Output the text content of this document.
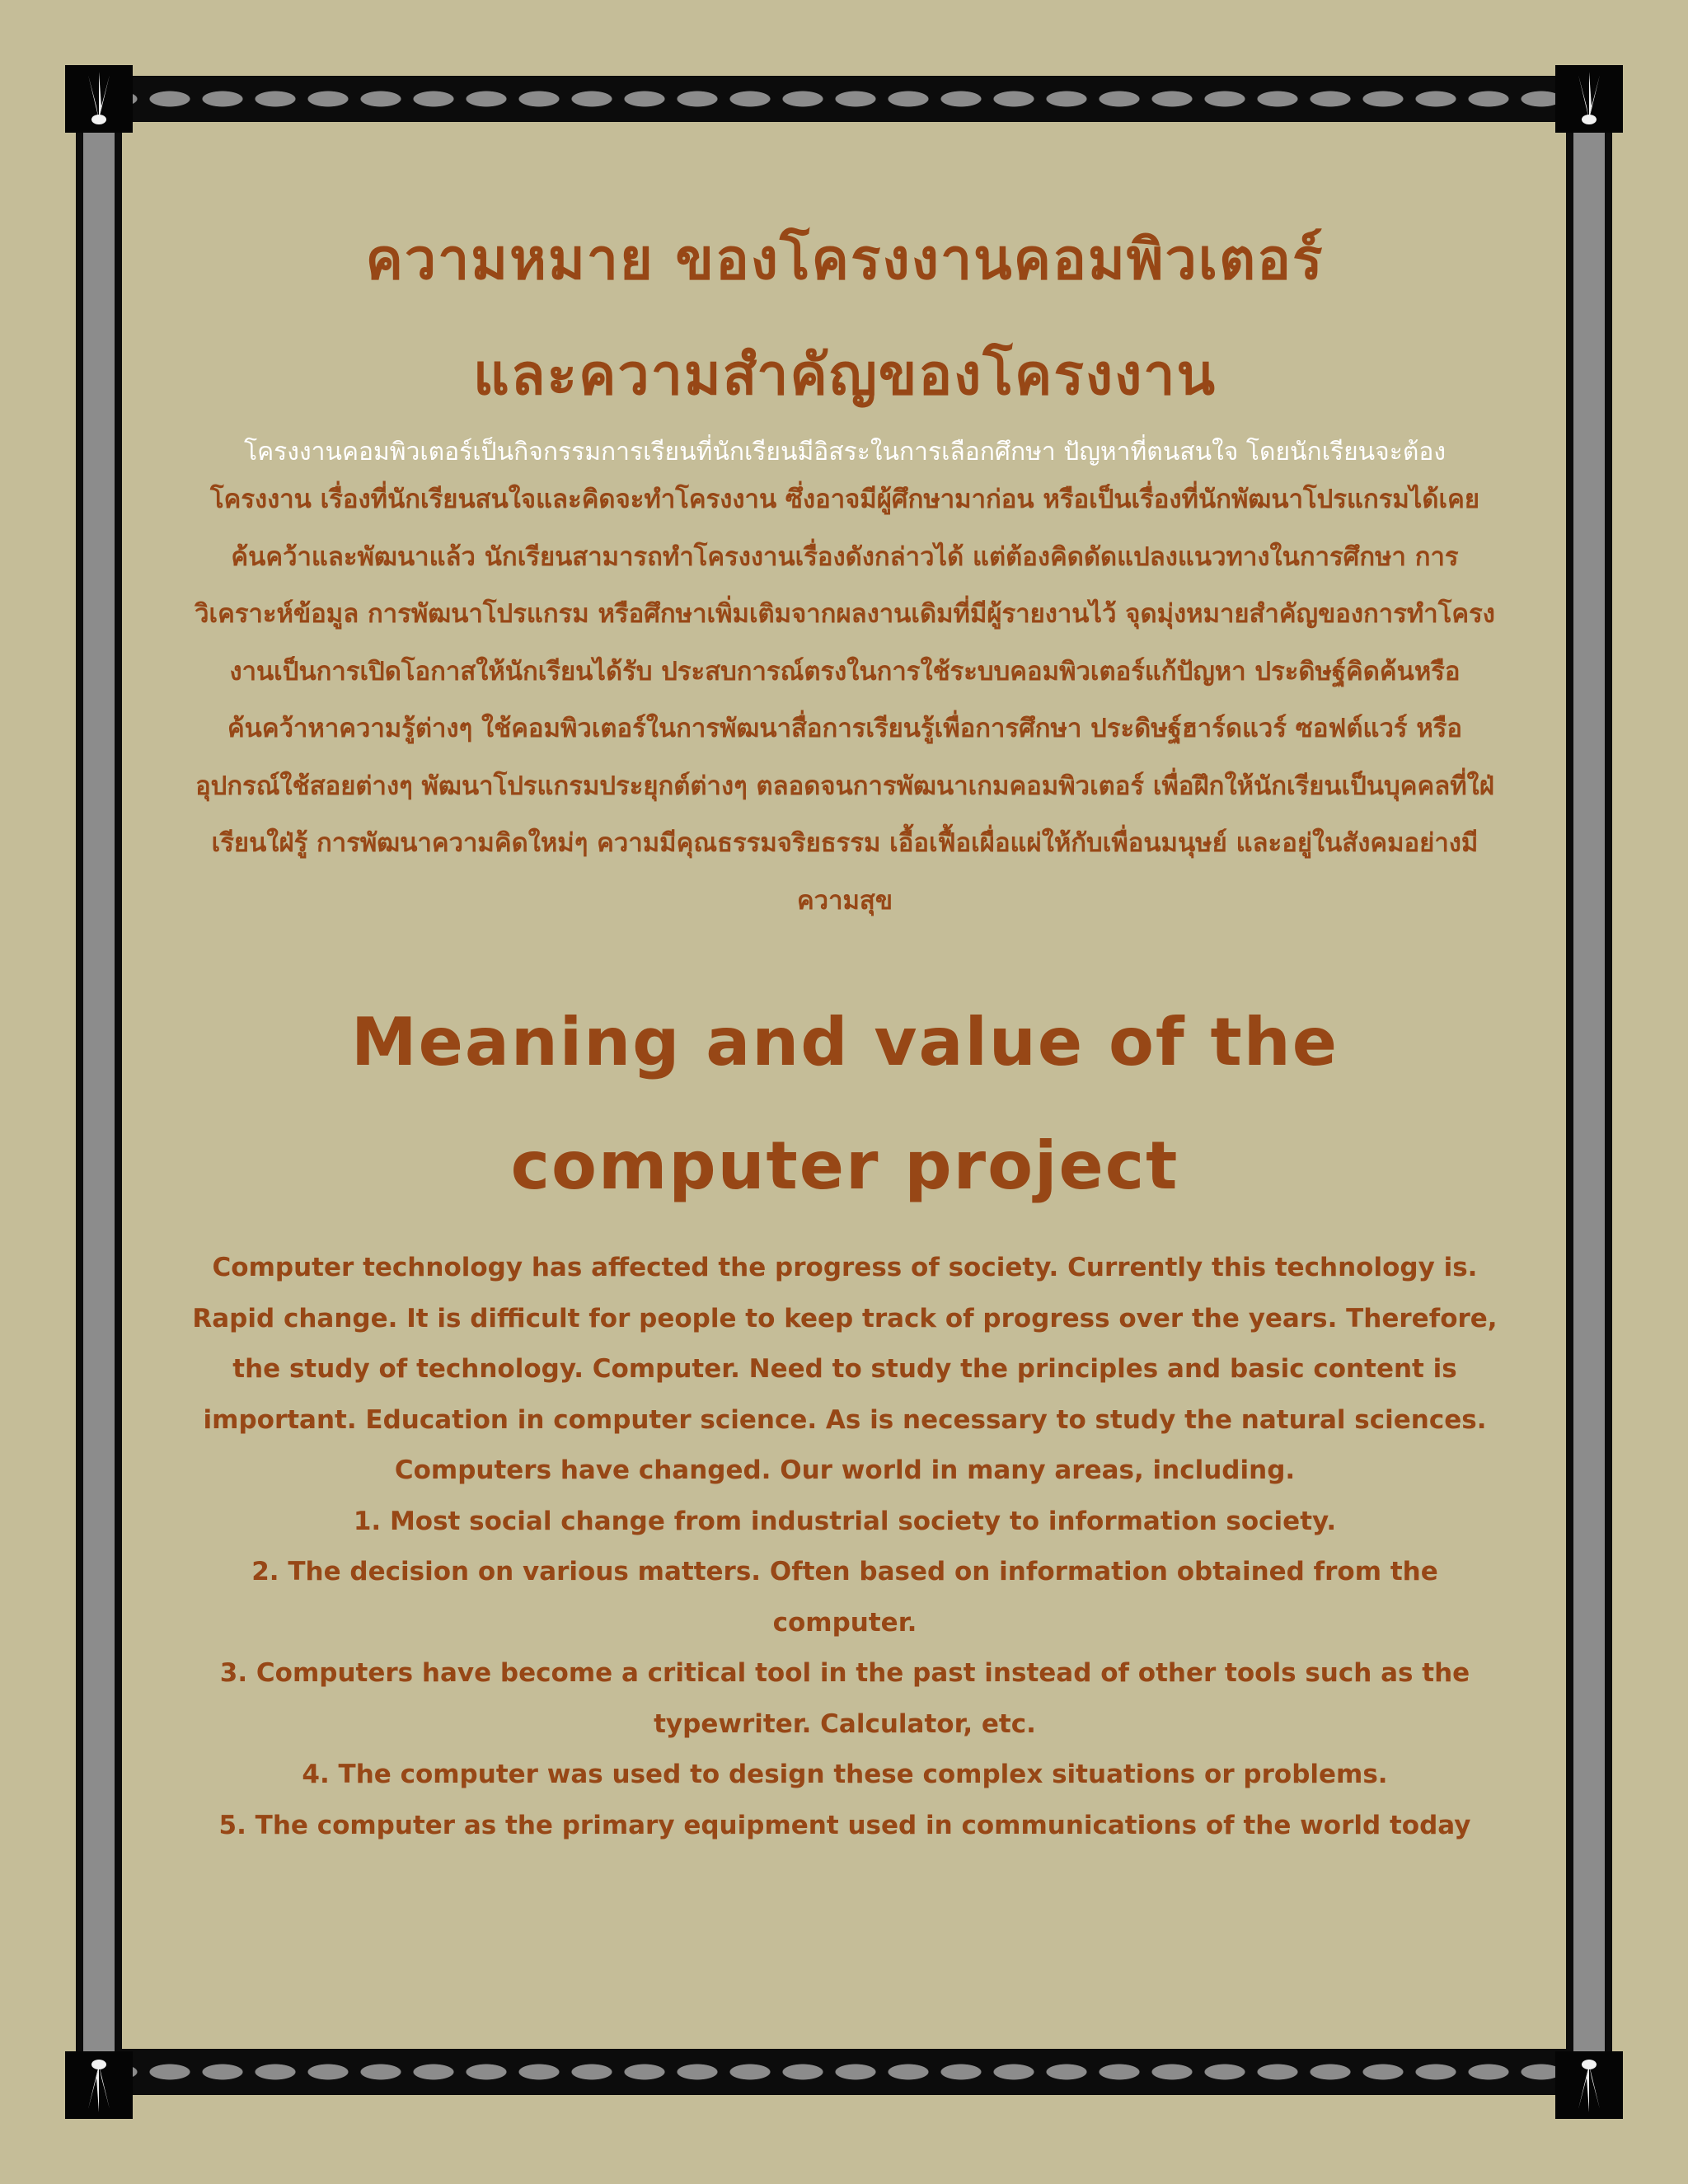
ความหมาย ของโครงงานคอมพิวเตอร์
และความสำคัญของโครงงาน

โครงงานคอมพิวเตอร์เป็นกิจกรรมการเรียนที่นักเรียนมีอิสระในการเลือกศึกษา ปัญหาที่ตนสนใจ โดยนักเรียนจะต้อง

โครงงาน เรื่องที่นักเรียนสนใจและคิดจะทำโครงงาน ซึ่งอาจมีผู้ศึกษามาก่อน หรือเป็นเรื่องที่นักพัฒนาโปรแกรมได้เคยค้นคว้าและพัฒนาแล้ว นักเรียนสามารถทำโครงงานเรื่องดังกล่าวได้ แต่ต้องคิดดัดแปลงแนวทางในการศึกษา การวิเคราะห์ข้อมูล การพัฒนาโปรแกรม หรือศึกษาเพิ่มเติมจากผลงานเดิมที่มีผู้รายงานไว้ จุดมุ่งหมายสำคัญของการทำโครงงานเป็นการเปิดโอกาสให้นักเรียนได้รับ ประสบการณ์ตรงในการใช้ระบบคอมพิวเตอร์แก้ปัญหา ประดิษฐ์คิดค้นหรือค้นคว้าหาความรู้ต่างๆ ใช้คอมพิวเตอร์ในการพัฒนาสื่อการเรียนรู้เพื่อการศึกษา ประดิษฐ์ฮาร์ดแวร์ ซอฟต์แวร์ หรืออุปกรณ์ใช้สอยต่างๆ พัฒนาโปรแกรมประยุกต์ต่างๆ ตลอดจนการพัฒนาเกมคอมพิวเตอร์ เพื่อฝึกให้นักเรียนเป็นบุคคลที่ใฝ่เรียนใฝ่รู้ การพัฒนาความคิดใหม่ๆ ความมีคุณธรรมจริยธรรม เอื้อเฟื้อเผื่อแผ่ให้กับเพื่อนมนุษย์ และอยู่ในสังคมอย่างมีความสุข

Meaning and value of the
computer project
Computer technology has affected the progress of society. Currently this technology is. Rapid change. It is difficult for people to keep track of progress over the years. Therefore, the study of technology. Computer. Need to study the principles and basic content is important. Education in computer science. As is necessary to study the natural sciences. Computers have changed. Our world in many areas, including.
1. Most social change from industrial society to information society.
2. The decision on various matters. Often based on information obtained from the computer.
3. Computers have become a critical tool in the past instead of other tools such as the typewriter. Calculator, etc.
4. The computer was used to design these complex situations or problems.
5. The computer as the primary equipment used in communications of the world today
